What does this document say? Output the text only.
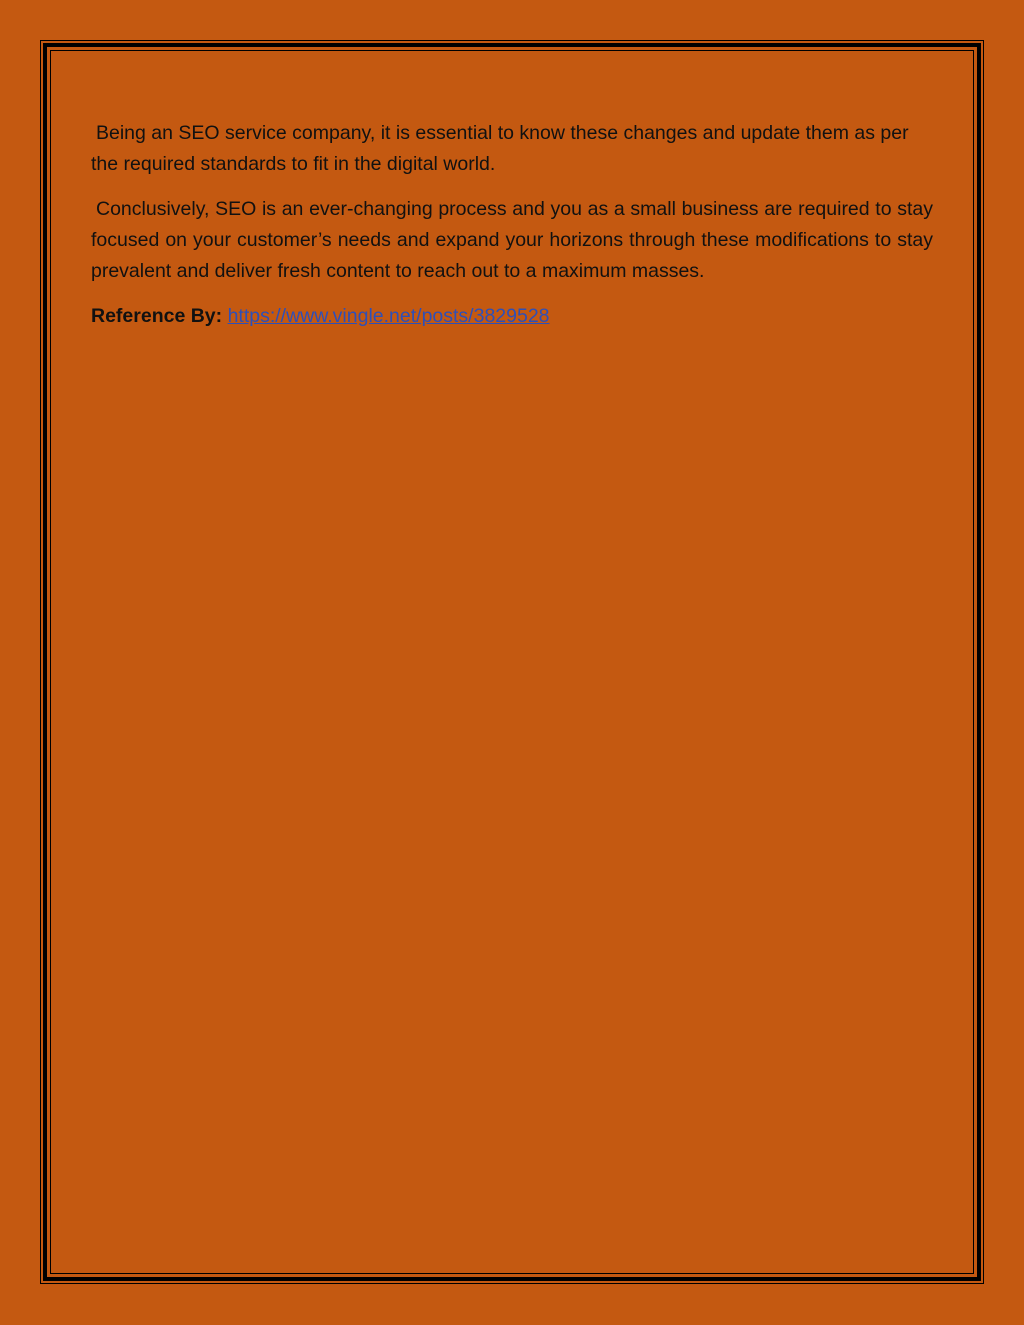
Being an SEO service company, it is essential to know these changes and update them as per the required standards to fit in the digital world.

Conclusively, SEO is an ever-changing process and you as a small business are required to stay focused on your customer’s needs and expand your horizons through these modifications to stay prevalent and deliver fresh content to reach out to a maximum masses.

Reference By: https://www.vingle.net/posts/3829528
